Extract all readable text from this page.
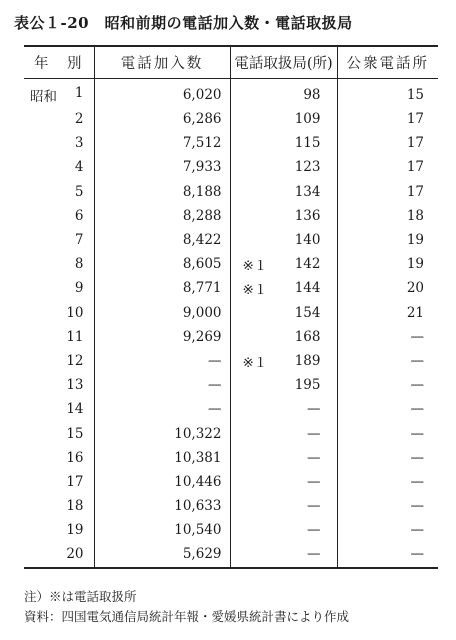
表公１-20　昭和前期の電話加入数・電話取扱局
年　別	電話加入数	電話取扱局(所)	公衆電話所

昭和 1	6,020	98	15
2	6,286	109	17
3	7,512	115	17
4	7,933	123	17
5	8,188	134	17
6	8,288	136	18
7	8,422	140	19
8	8,605	※１ 142	19
9	8,771	※１ 144	20
10	9,000	154	21
11	9,269	168	—
12	—	※１ 189	—
13	—	195	—
14	—	—	—
15	10,322	—	—
16	10,381	—	—
17	10,446	—	—
18	10,633	—	—
19	10,540	—	—
20	5,629	—	—
注）※は電話取扱所
資料：四国電気通信局統計年報・愛媛県統計書により作成
